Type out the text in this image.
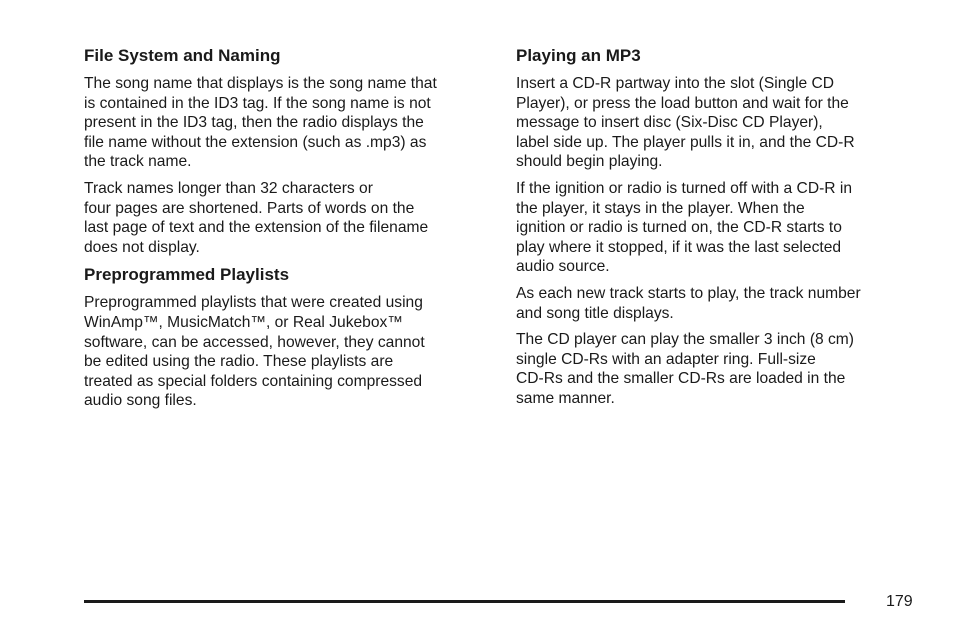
File System and Naming
The song name that displays is the song name that
is contained in the ID3 tag. If the song name is not
present in the ID3 tag, then the radio displays the
file name without the extension (such as .mp3) as
the track name.
Track names longer than 32 characters or
four pages are shortened. Parts of words on the
last page of text and the extension of the filename
does not display.
Preprogrammed Playlists
Preprogrammed playlists that were created using
WinAmp™, MusicMatch™, or Real Jukebox™
software, can be accessed, however, they cannot
be edited using the radio. These playlists are
treated as special folders containing compressed
audio song files.
Playing an MP3
Insert a CD-R partway into the slot (Single CD
Player), or press the load button and wait for the
message to insert disc (Six-Disc CD Player),
label side up. The player pulls it in, and the CD-R
should begin playing.
If the ignition or radio is turned off with a CD-R in
the player, it stays in the player. When the
ignition or radio is turned on, the CD-R starts to
play where it stopped, if it was the last selected
audio source.
As each new track starts to play, the track number
and song title displays.
The CD player can play the smaller 3 inch (8 cm)
single CD-Rs with an adapter ring. Full-size
CD-Rs and the smaller CD-Rs are loaded in the
same manner.
179
